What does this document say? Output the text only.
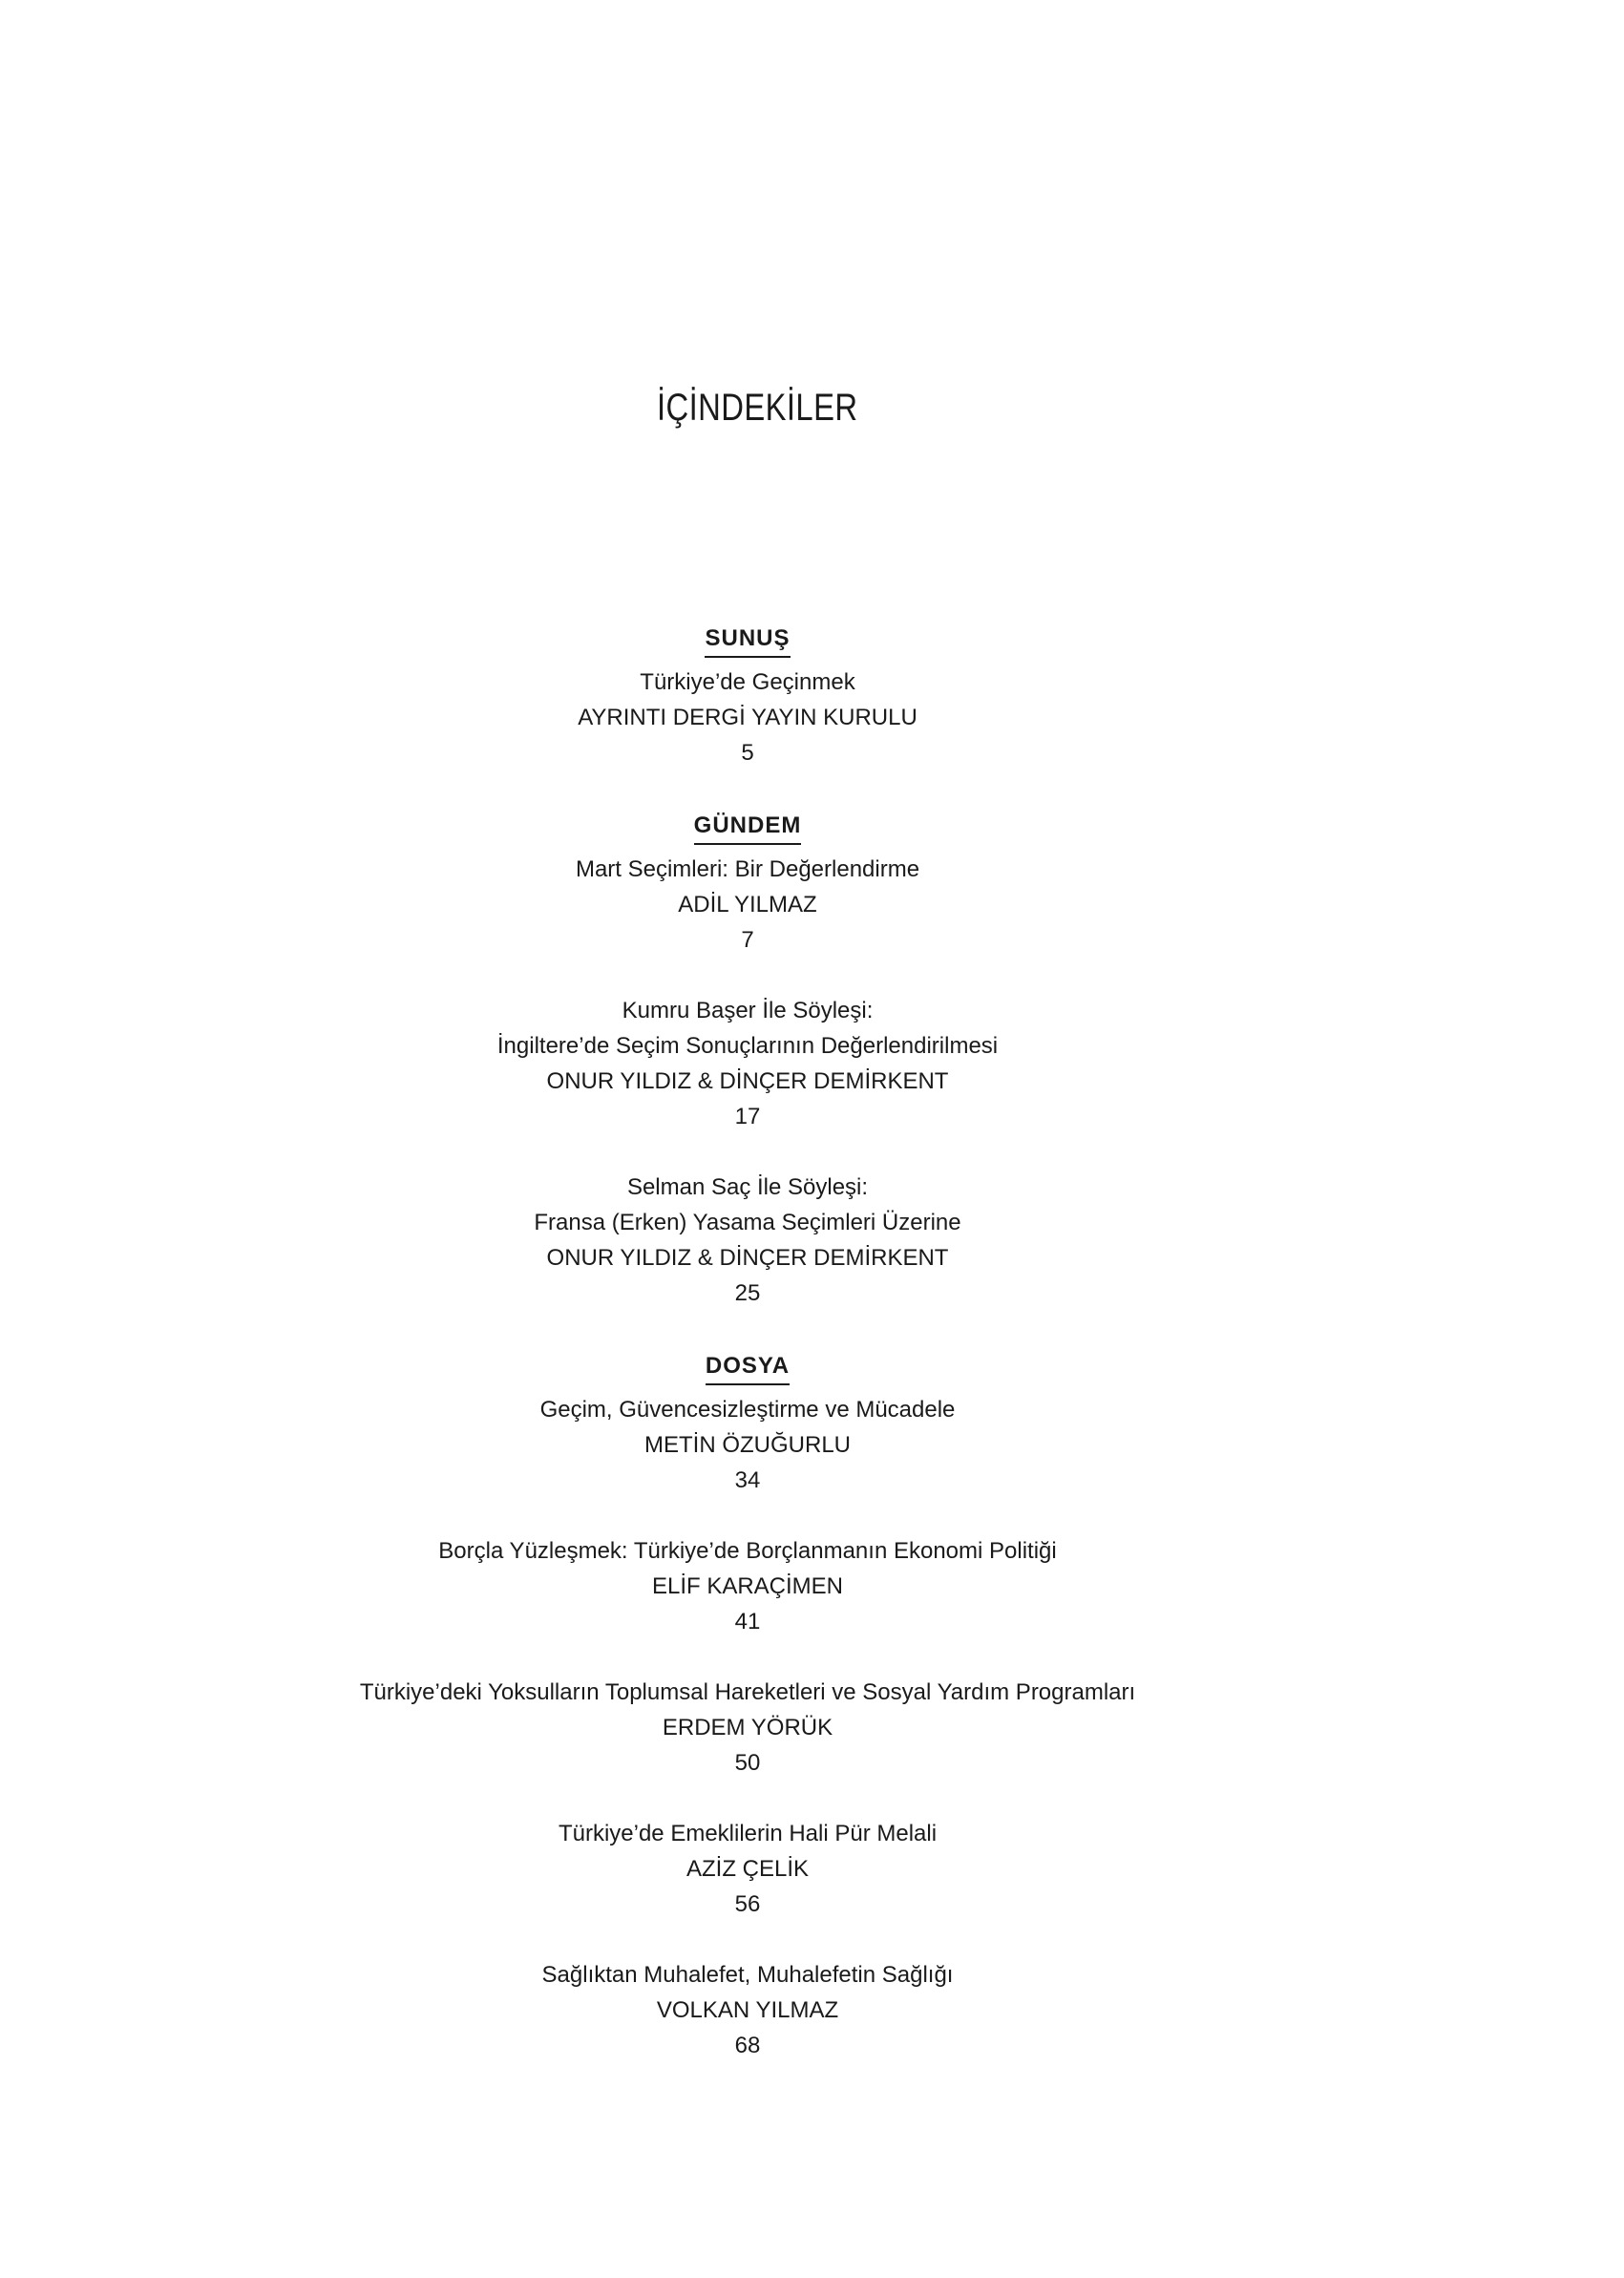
İÇİNDEKİLER
SUNUŞ
Türkiye’de Geçinmek
AYRINTI DERGİ YAYIN KURULU
5
GÜNDEM
Mart Seçimleri: Bir Değerlendirme
ADİL YILMAZ
7
Kumru Başer İle Söyleşi:
İngiltere’de Seçim Sonuçlarının Değerlendirilmesi
ONUR YILDIZ & DİNÇER DEMİRKENT
17
Selman Saç İle Söyleşi:
Fransa (Erken) Yasama Seçimleri Üzerine
ONUR YILDIZ & DİNÇER DEMİRKENT
25
DOSYA
Geçim, Güvencesizleştirme ve Mücadele
METİN ÖZUĞURLU
34
Borçla Yüzleşmek: Türkiye’de Borçlanmanın Ekonomi Politiği
ELİF KARAÇİMEN
41
Türkiye’deki Yoksulların Toplumsal Hareketleri ve Sosyal Yardım Programları
ERDEM YÖRÜK
50
Türkiye’de Emeklilerin Hali Pür Melali
AZİZ ÇELİK
56
Sağlıktan Muhalefet, Muhalefetin Sağlığı
VOLKAN YILMAZ
68
